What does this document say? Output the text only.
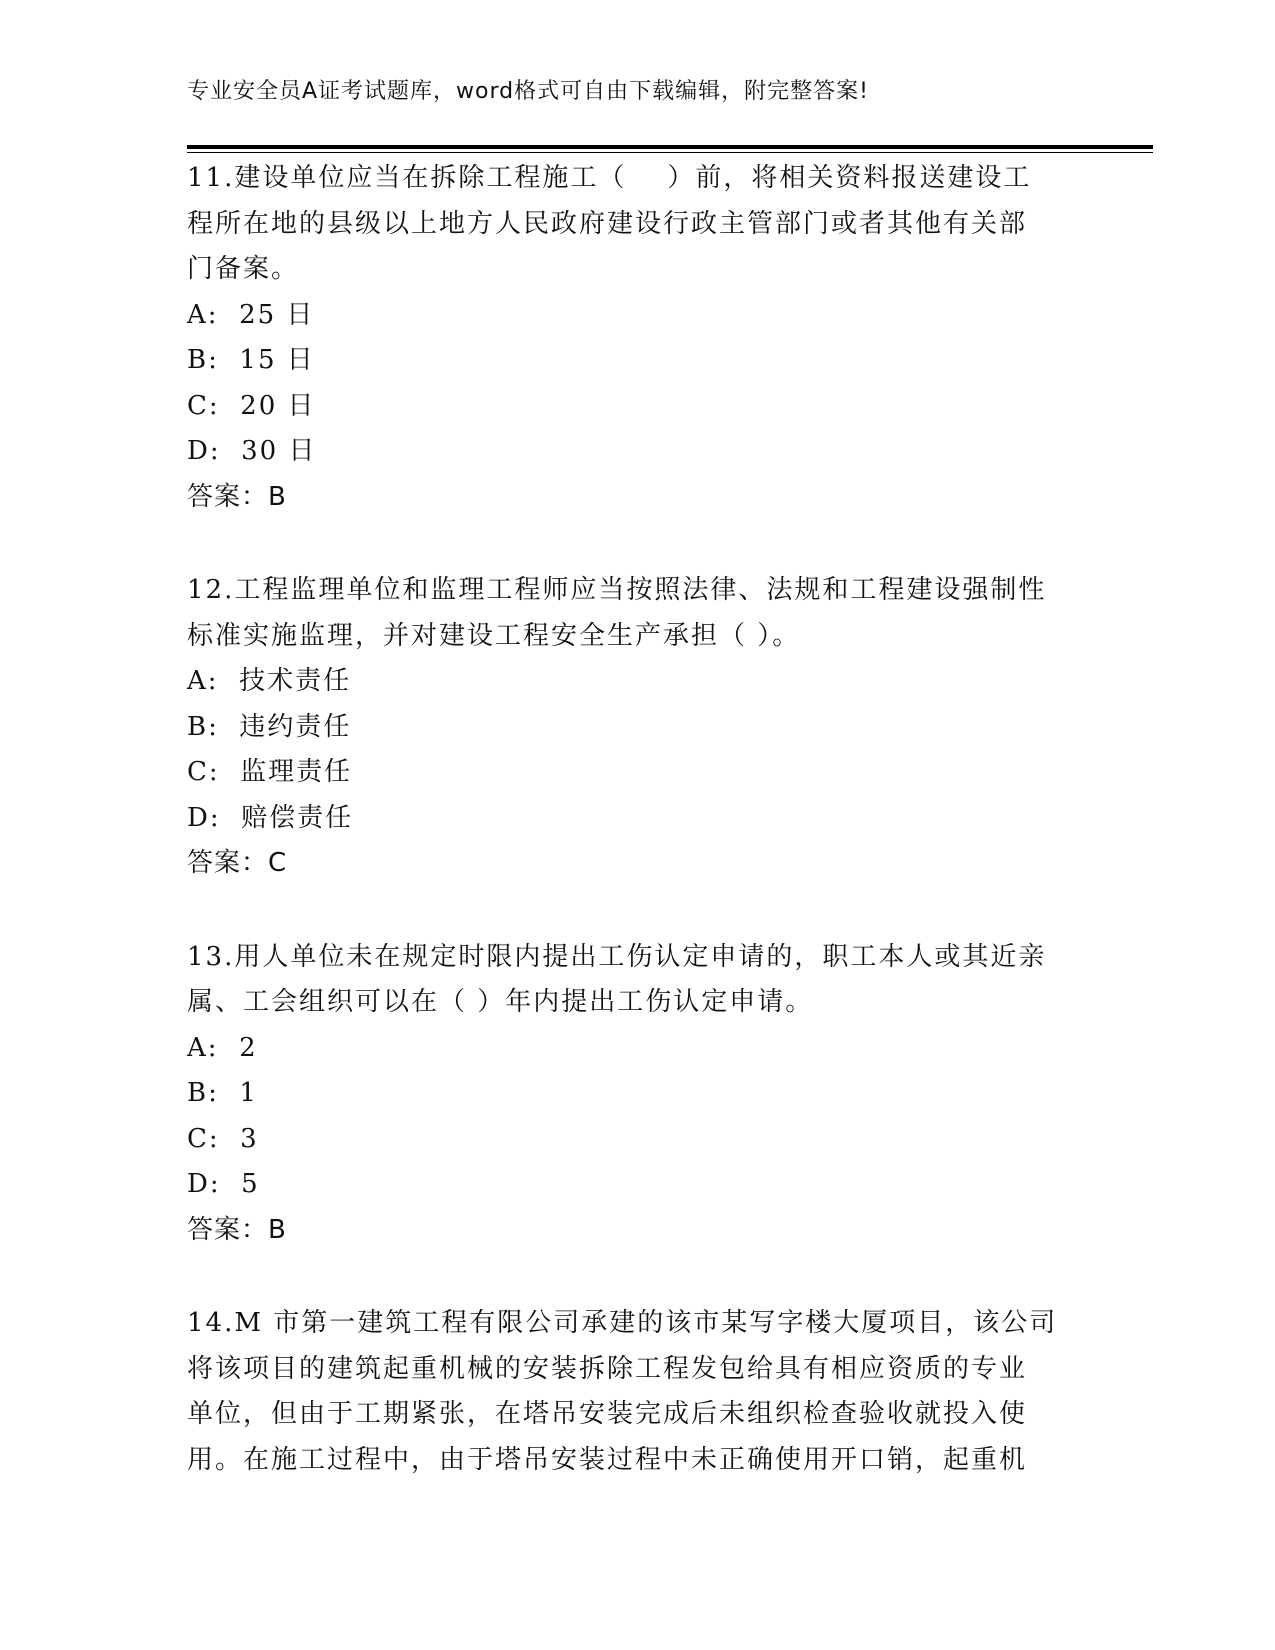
专业安全员A证考试题库，word格式可自由下载编辑，附完整答案!
11.建设单位应当在拆除工程施工（    ）前，将相关资料报送建设工
程所在地的县级以上地方人民政府建设行政主管部门或者其他有关部
门备案。
A:  25 日
B:  15 日
C:  20 日
D:  30 日
答案：B
12.工程监理单位和监理工程师应当按照法律、法规和工程建设强制性
标准实施监理，并对建设工程安全生产承担（ ）。
A:  技术责任
B:  违约责任
C:  监理责任
D:  赔偿责任
答案：C
13.用人单位未在规定时限内提出工伤认定申请的，职工本人或其近亲
属、工会组织可以在（ ）年内提出工伤认定申请。
A:  2
B:  1
C:  3
D:  5
答案：B
14.M 市第一建筑工程有限公司承建的该市某写字楼大厦项目，该公司
将该项目的建筑起重机械的安装拆除工程发包给具有相应资质的专业
单位，但由于工期紧张，在塔吊安装完成后未组织检查验收就投入使
用。在施工过程中，由于塔吊安装过程中未正确使用开口销，起重机
